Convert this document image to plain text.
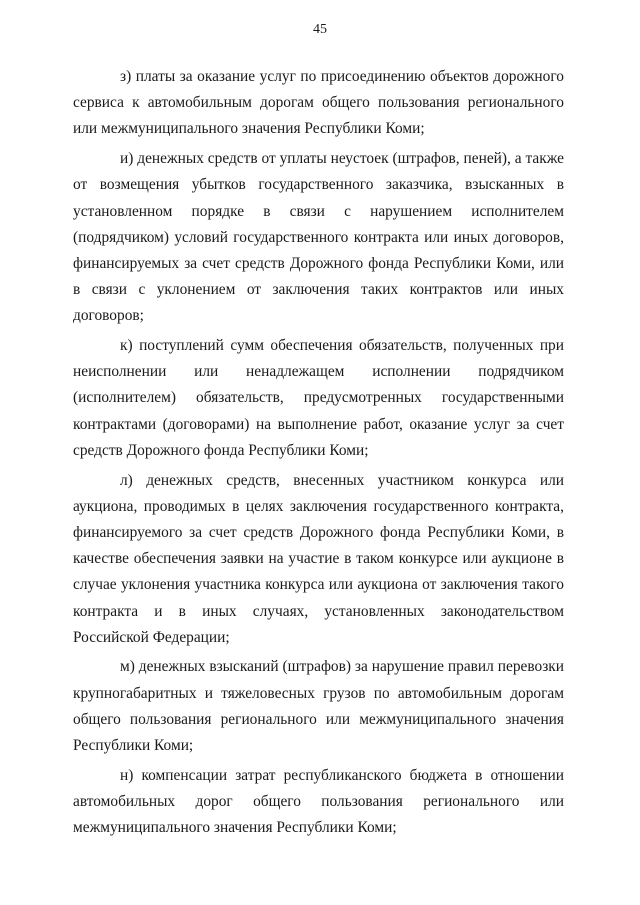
45

з) платы за оказание услуг по присоединению объектов дорожного сервиса к автомобильным дорогам общего пользования регионального или межмуниципального значения Республики Коми;

и) денежных средств от уплаты неустоек (штрафов, пеней), а также от возмещения убытков государственного заказчика, взысканных в установленном порядке в связи с нарушением исполнителем (подрядчиком) условий государственного контракта или иных договоров, финансируемых за счет средств Дорожного фонда Республики Коми, или в связи с уклонением от заключения таких контрактов или иных договоров;

к) поступлений сумм обеспечения обязательств, полученных при неисполнении или ненадлежащем исполнении подрядчиком (исполнителем) обязательств, предусмотренных государственными контрактами (договорами) на выполнение работ, оказание услуг за счет средств Дорожного фонда Республики Коми;

л) денежных средств, внесенных участником конкурса или аукциона, проводимых в целях заключения государственного контракта, финансируемого за счет средств Дорожного фонда Республики Коми, в качестве обеспечения заявки на участие в таком конкурсе или аукционе в случае уклонения участника конкурса или аукциона от заключения такого контракта и в иных случаях, установленных законодательством Российской Федерации;

м) денежных взысканий (штрафов) за нарушение правил перевозки крупногабаритных и тяжеловесных грузов по автомобильным дорогам общего пользования регионального или межмуниципального значения Республики Коми;

н) компенсации затрат республиканского бюджета в отношении автомобильных дорог общего пользования регионального или межмуниципального значения Республики Коми;
